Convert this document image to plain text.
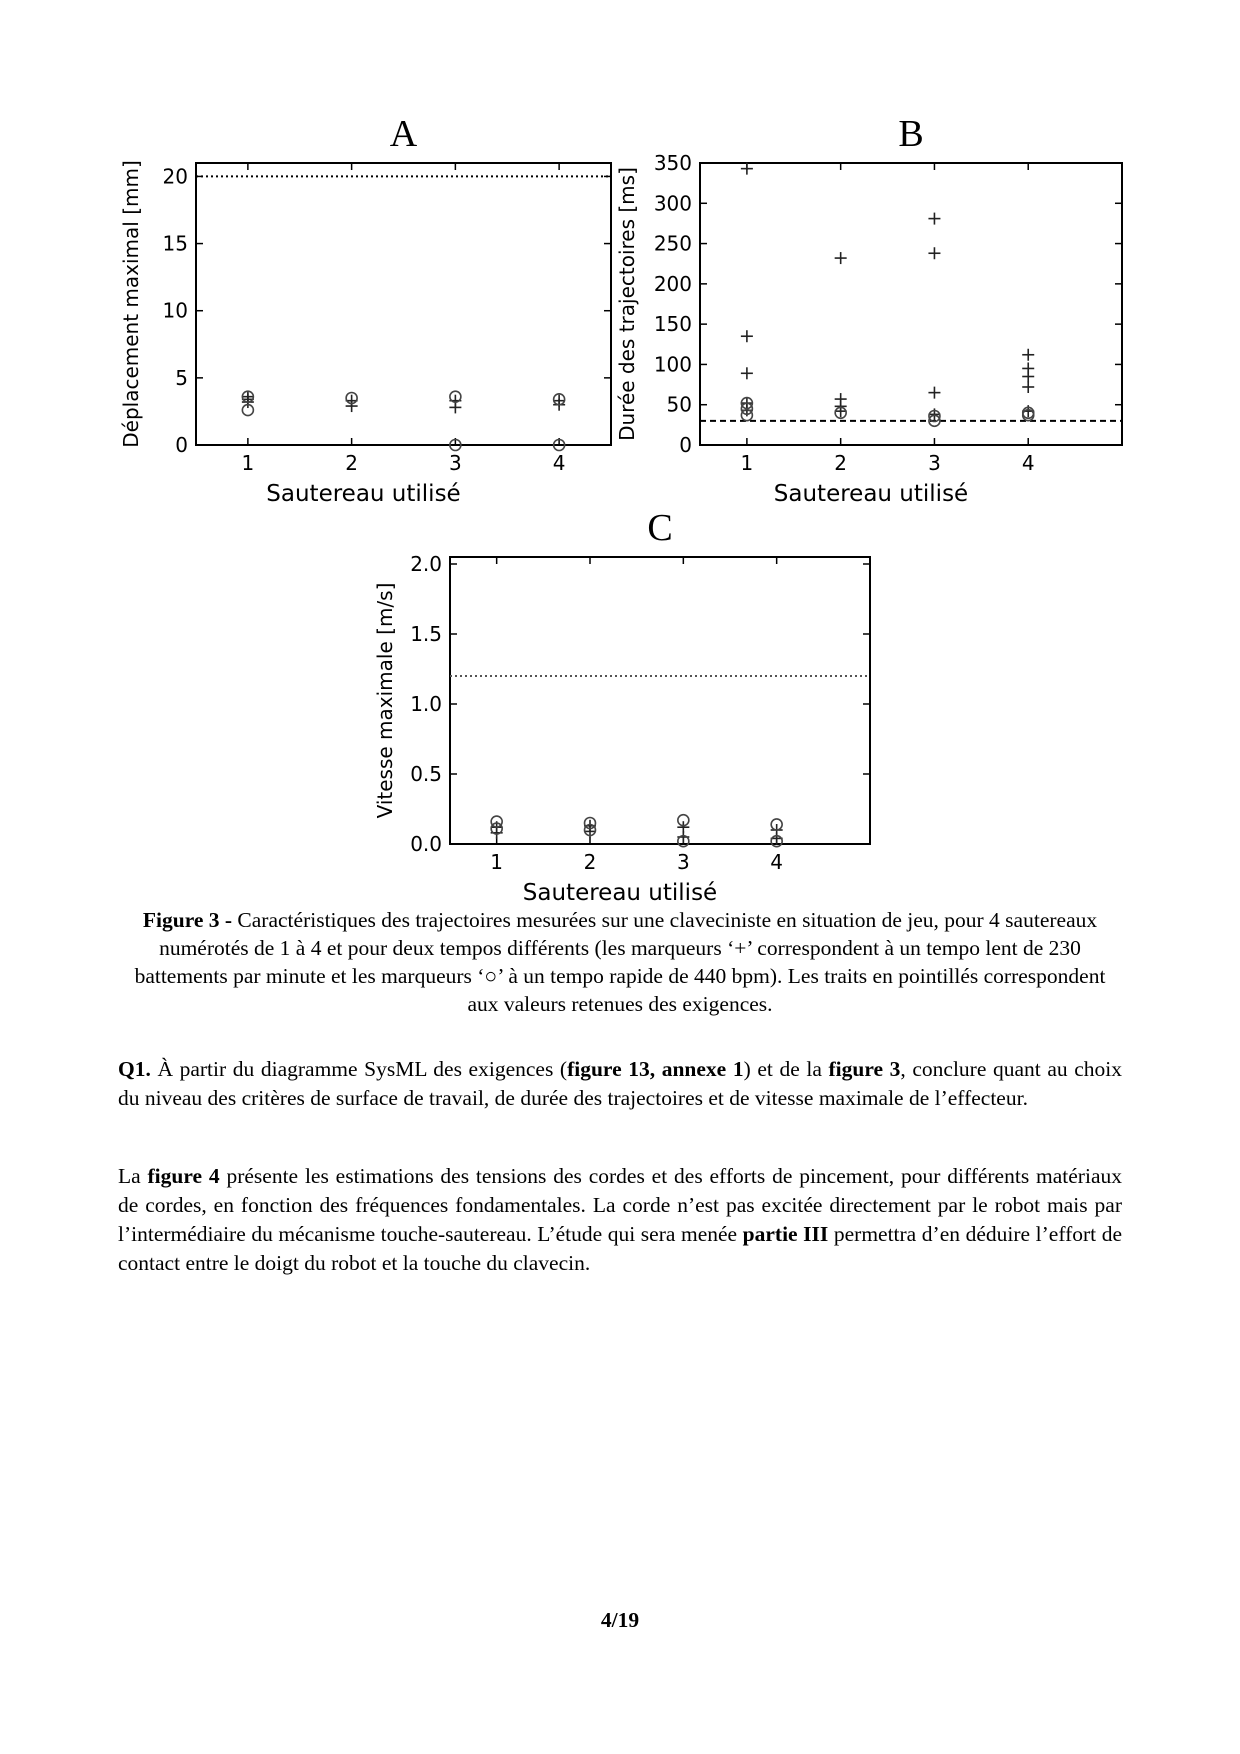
A
1	2	3	4
0
5
10
15
20
Sautereau utilisé
Déplacement maximal [mm]
B
1	2	3	4
0
50
100
150
200
250
300
350
Sautereau utilisé
Durée des trajectoires [ms]
C
1	2	3	4
0.0
0.5
1.0
1.5
2.0
Sautereau utilisé
Vitesse maximale [m/s]
Figure 3 - Caractéristiques des trajectoires mesurées sur une claveciniste en situation de jeu, pour 4 sautereaux numérotés de 1 à 4 et pour deux tempos différents (les marqueurs ‘+’ correspondent à un tempo lent de 230 battements par minute et les marqueurs ‘○’ à un tempo rapide de 440 bpm). Les traits en pointillés correspondent aux valeurs retenues des exigences.
Q1. À partir du diagramme SysML des exigences (figure 13, annexe 1) et de la figure 3, conclure quant au choix du niveau des critères de surface de travail, de durée des trajectoires et de vitesse maximale de l’effecteur.
La figure 4 présente les estimations des tensions des cordes et des efforts de pincement, pour différents matériaux de cordes, en fonction des fréquences fondamentales. La corde n’est pas excitée directement par le robot mais par l’intermédiaire du mécanisme touche-sautereau. L’étude qui sera menée partie III permettra d’en déduire l’effort de contact entre le doigt du robot et la touche du clavecin.
4/19
